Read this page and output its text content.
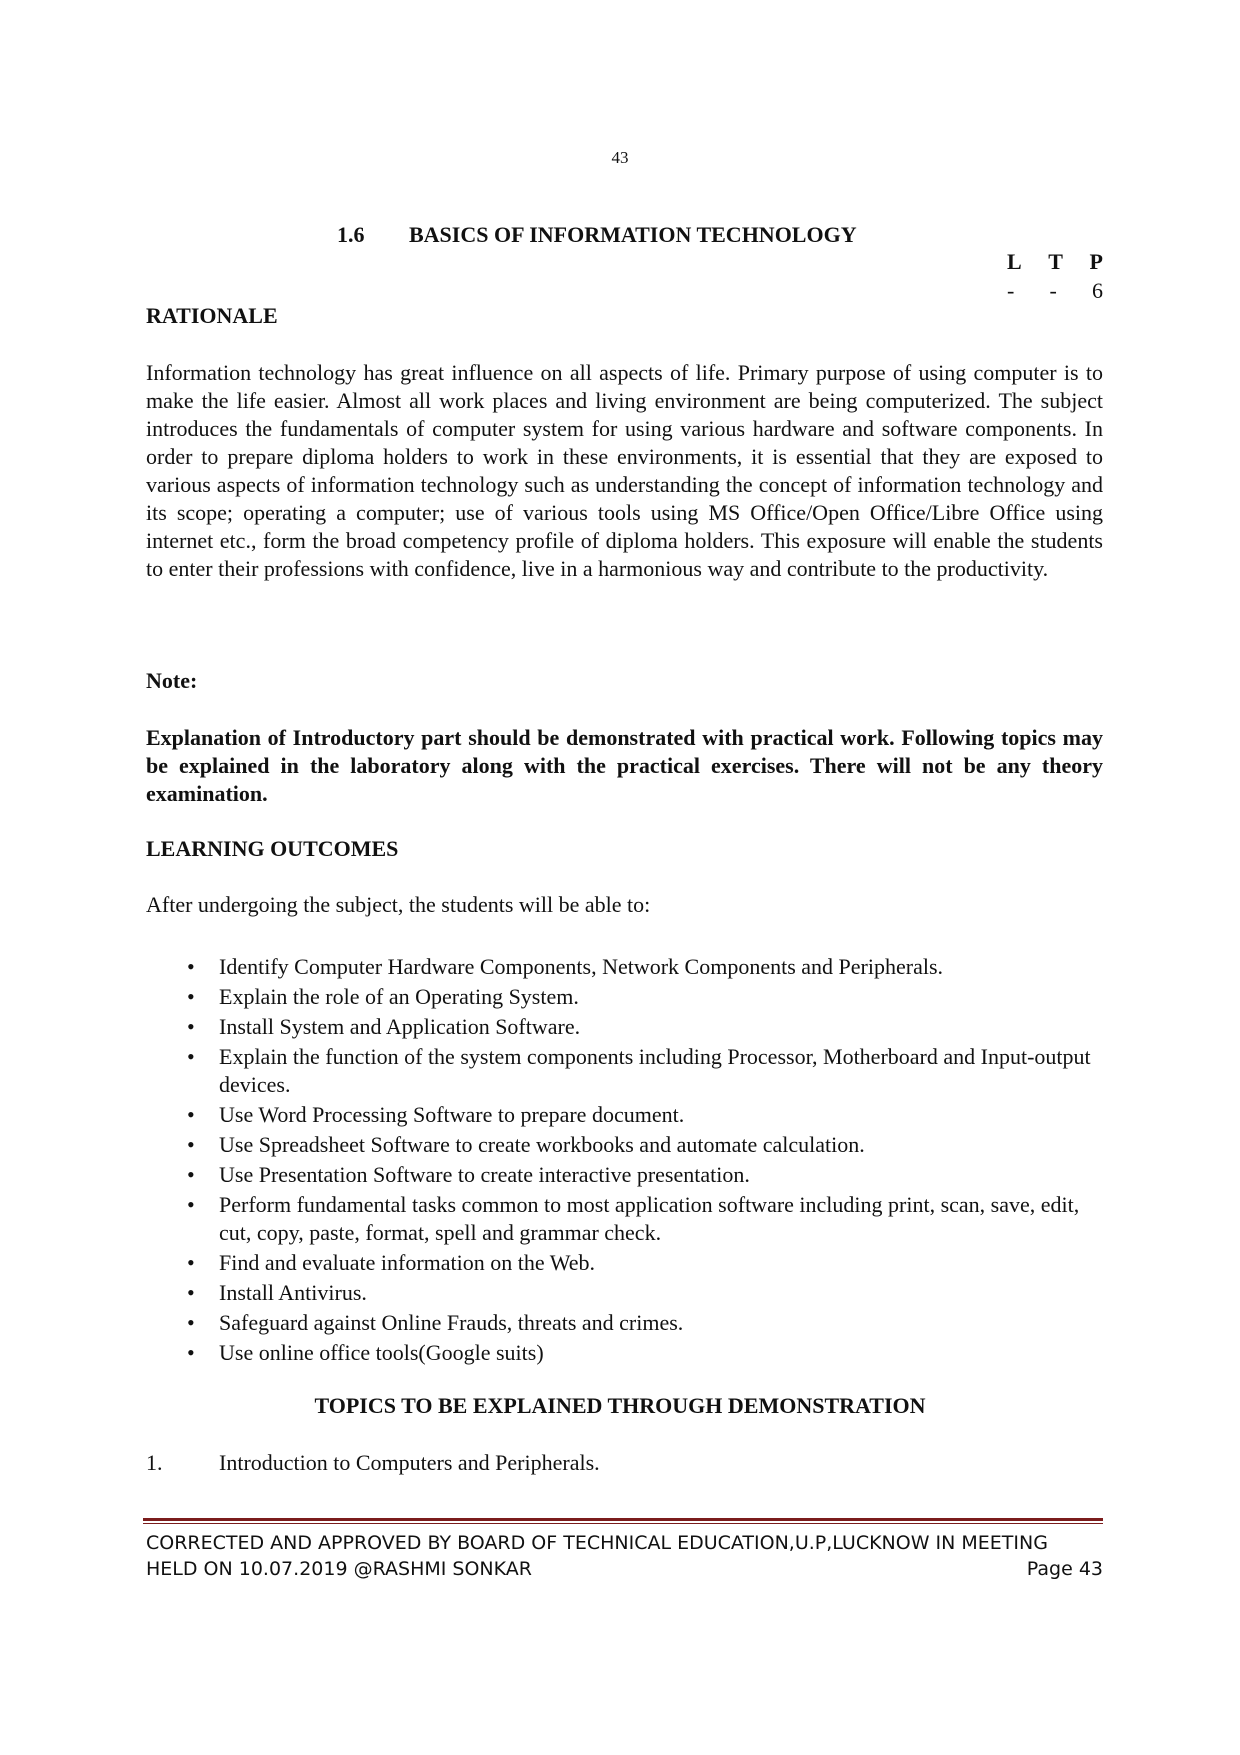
43
1.6 BASICS OF INFORMATION TECHNOLOGY
L T P
- - 6
RATIONALE
Information technology has great influence on all aspects of life. Primary purpose of using computer is to make the life easier. Almost all work places and living environment are being computerized. The subject introduces the fundamentals of computer system for using various hardware and software components. In order to prepare diploma holders to work in these environments, it is essential that they are exposed to various aspects of information technology such as understanding the concept of information technology and its scope; operating a computer; use of various tools using MS Office/Open Office/Libre Office using internet etc., form the broad competency profile of diploma holders. This exposure will enable the students to enter their professions with confidence, live in a harmonious way and contribute to the productivity.
Note:
Explanation of Introductory part should be demonstrated with practical work. Following topics may be explained in the laboratory along with the practical exercises. There will not be any theory examination.
LEARNING OUTCOMES
After undergoing the subject, the students will be able to:
• Identify Computer Hardware Components, Network Components and Peripherals.
• Explain the role of an Operating System.
• Install System and Application Software.
• Explain the function of the system components including Processor, Motherboard and Input-output devices.
• Use Word Processing Software to prepare document.
• Use Spreadsheet Software to create workbooks and automate calculation.
• Use Presentation Software to create interactive presentation.
• Perform fundamental tasks common to most application software including print, scan, save, edit, cut, copy, paste, format, spell and grammar check.
• Find and evaluate information on the Web.
• Install Antivirus.
• Safeguard against Online Frauds, threats and crimes.
• Use online office tools(Google suits)
TOPICS TO BE EXPLAINED THROUGH DEMONSTRATION
1.	Introduction to Computers and Peripherals.
CORRECTED AND APPROVED BY BOARD OF TECHNICAL EDUCATION,U.P,LUCKNOW IN MEETING
HELD ON 10.07.2019 @RASHMI SONKAR	Page 43
